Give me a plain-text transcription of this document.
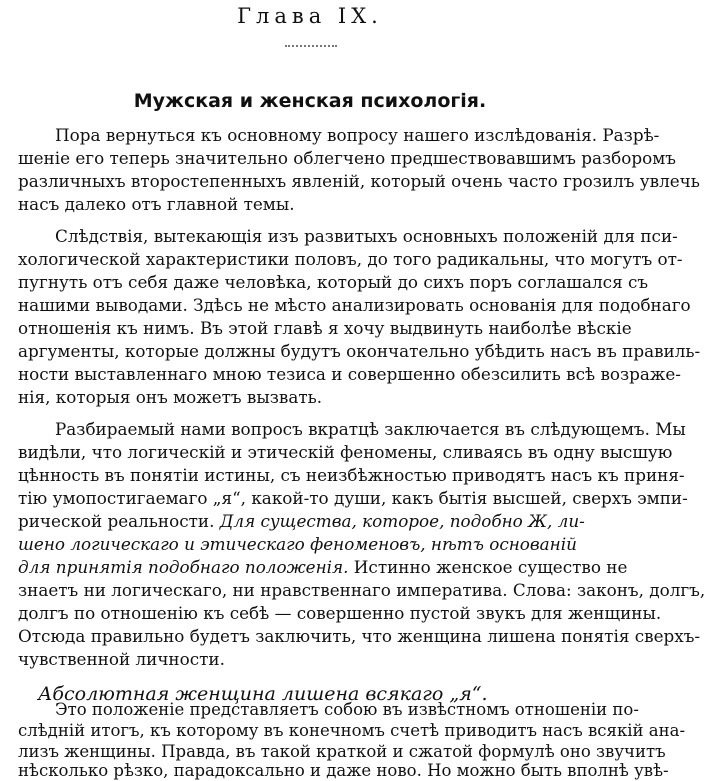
Глава IX.
Мужская и женская психологія.
Пора вернуться къ основному вопросу нашего изслѣдованія. Разрѣ-
шеніе его теперь значительно облегчено предшествовавшимъ разборомъ
различныхъ второстепенныхъ явленій, который очень часто грозилъ увлечь
насъ далеко отъ главной темы.
Слѣдствія, вытекающія изъ развитыхъ основныхъ положеній для пси-
хологической характеристики половъ, до того радикальны, что могутъ от-
пугнуть отъ себя даже человѣка, который до сихъ поръ соглашался съ
нашими выводами. Здѣсь не мѣсто анализировать основанія для подобнаго
отношенія къ нимъ. Въ этой главѣ я хочу выдвинуть наиболѣе вѣскіе
аргументы, которые должны будутъ окончательно убѣдить насъ въ правиль-
ности выставленнаго мною тезиса и совершенно обезсилить всѣ возраже-
нія, которыя онъ можетъ вызвать.
Разбираемый нами вопросъ вкратцѣ заключается въ слѣдующемъ. Мы
видѣли, что логическій и этическій феномены, сливаясь въ одну высшую
цѣнность въ понятіи истины, съ неизбѣжностью приводятъ насъ къ приня-
тію умопостигаемаго „я“, какой-то души, какъ бытія высшей, сверхъ эмпи-
рической реальности. Для существа, которое, подобно Ж, ли-
шено логическаго и этическаго феноменовъ, нѣтъ основаній
для принятія подобнаго положенія. Истинно женское существо не
знаетъ ни логическаго, ни нравственнаго императива. Слова: законъ, долгъ,
долгъ по отношенію къ себѣ — совершенно пустой звукъ для женщины.
Отсюда правильно будетъ заключить, что женщина лишена понятія сверхъ-
чувственной личности.
Абсолютная женщина лишена всякаго „я“.
Это положеніе представляетъ собою въ извѣстномъ отношеніи по-
слѣдній итогъ, къ которому въ конечномъ счетѣ приводитъ насъ всякій ана-
лизъ женщины. Правда, въ такой краткой и сжатой формулѣ оно звучитъ
нѣсколько рѣзко, парадоксально и даже ново. Но можно быть вполнѣ увѣ-
